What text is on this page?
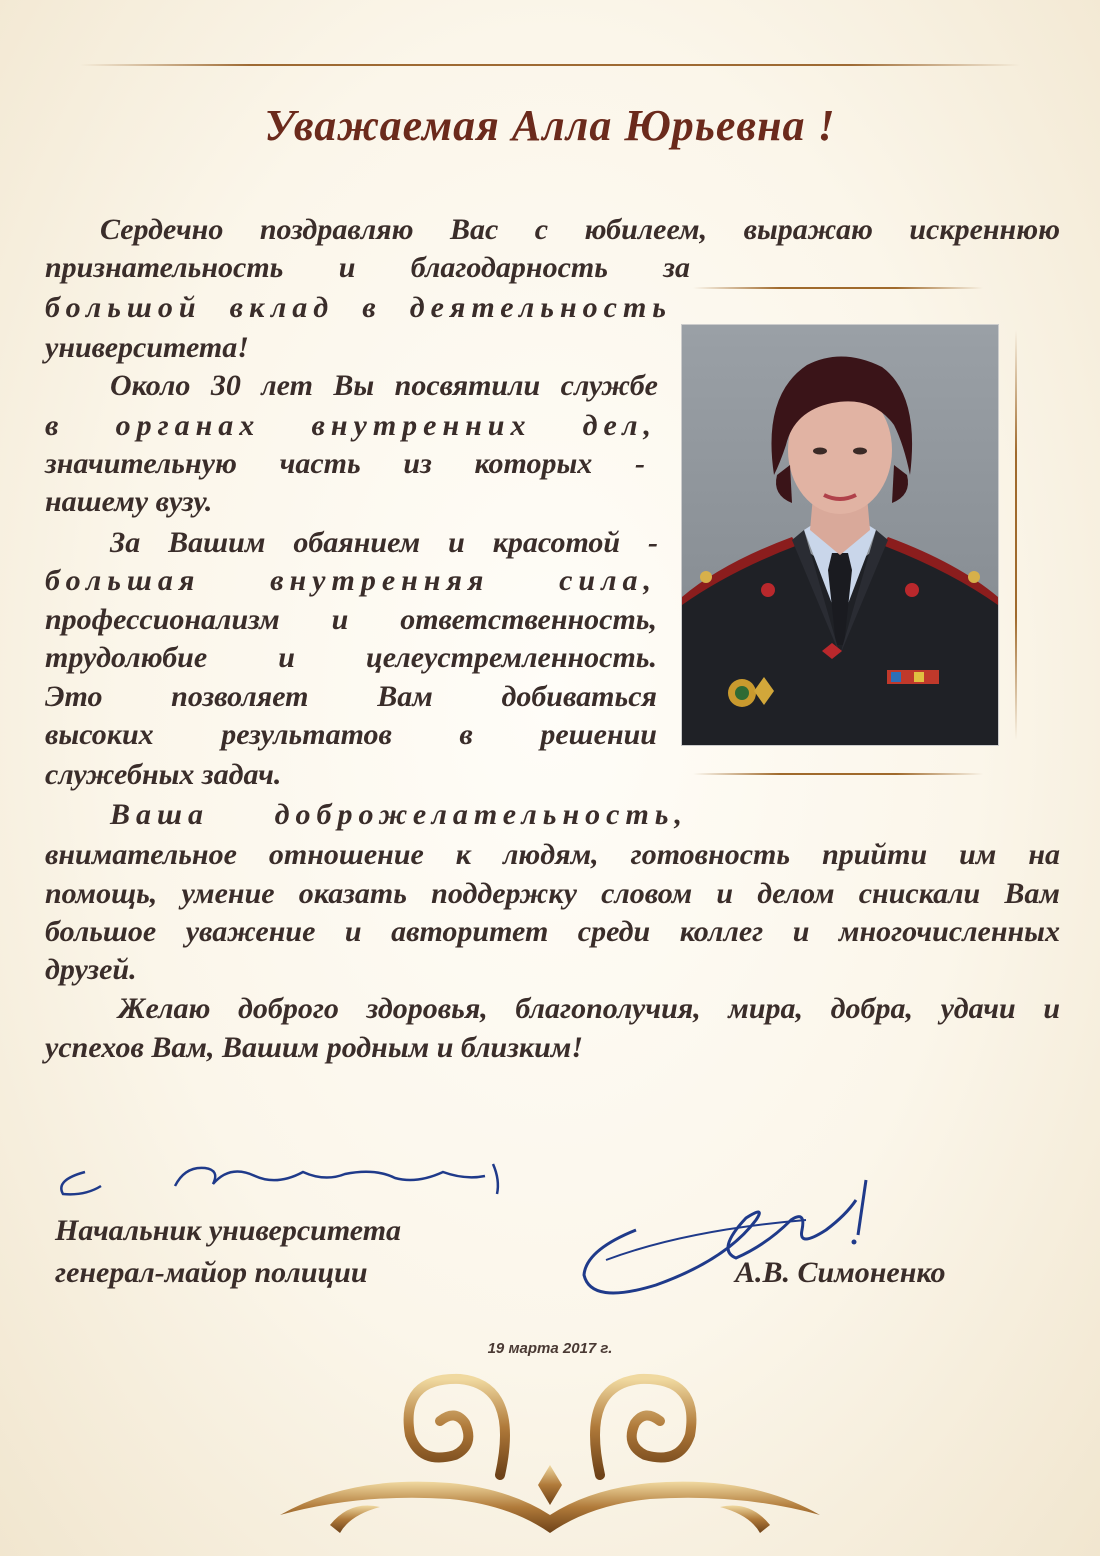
Уважаемая Алла Юрьевна !
Сердечно поздравляю Вас с юбилеем, выражаю искреннюю
признательность и благодарность за
большой вклад в деятельность
университета!
Около 30 лет Вы посвятили службе
в органах внутренних дел,
значительную часть из которых -
нашему вузу.
За Вашим обаянием и красотой -
большая внутренняя сила,
профессионализм и ответственность,
трудолюбие и целеустремленность.
Это позволяет Вам добиваться
высоких результатов в решении
служебных задач.
Ваша доброжелательность,
внимательное отношение к людям, готовность прийти им на
помощь, умение оказать поддержку словом и делом снискали Вам
большое уважение и авторитет среди коллег и многочисленных
друзей.
Желаю доброго здоровья, благополучия, мира, добра, удачи и
успехов Вам, Вашим родным и близким!
Начальник университета
генерал-майор полиции	А.В. Симоненко
19 марта 2017 г.
